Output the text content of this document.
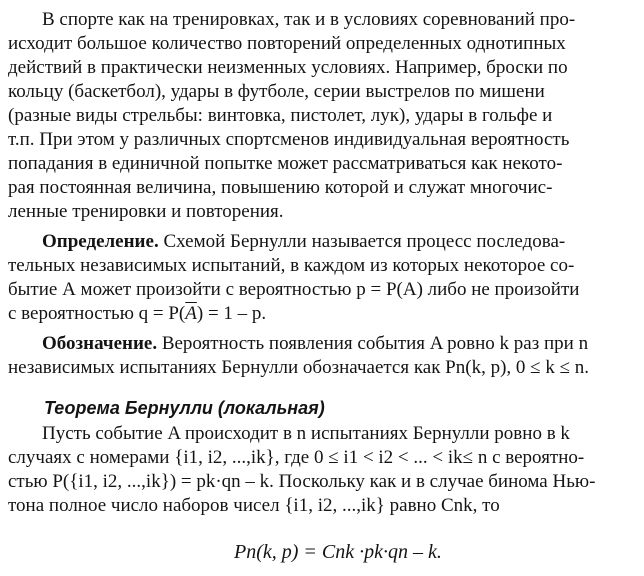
В спорте как на тренировках, так и в условиях соревнований про-
исходит большое количество повторений определенных однотипных
действий в практически неизменных условиях. Например, броски по
кольцу (баскетбол), удары в футболе, серии выстрелов по мишени
(разные виды стрельбы: винтовка, пистолет, лук), удары в гольфе и
т.п. При этом у различных спортсменов индивидуальная вероятность
попадания в единичной попытке может рассматриваться как некото-
рая постоянная величина, повышению которой и служат многочис-
ленные тренировки и повторения.
Определение. Схемой Бернулли называется процесс последова-
тельных независимых испытаний, в каждом из которых некоторое со-
бытие А может произойти с вероятностью p = P(A) либо не произойти
с вероятностью $q = P(\overline{A}) = 1 - p$.
Обозначение. Вероятность появления события A ровно k раз при n
независимых испытаниях Бернулли обозначается как Pn(k, p), 0 ≤ k ≤ n.
Теорема Бернулли (локальная)
Пусть событие A происходит в n испытаниях Бернулли ровно в k
случаях с номерами {i1, i2, ...,ik}, где 0 ≤ i1 < i2 < ... < ik≤ n с вероятно-
стью P({i1, i2, ...,ik}) = pk·qn – k. Поскольку как и в случае бинома Нью-
тона полное число наборов чисел {i1, i2, ...,ik} равно Cnk, то
Pn(k, p) = Cnk ·pk·qn – k.
